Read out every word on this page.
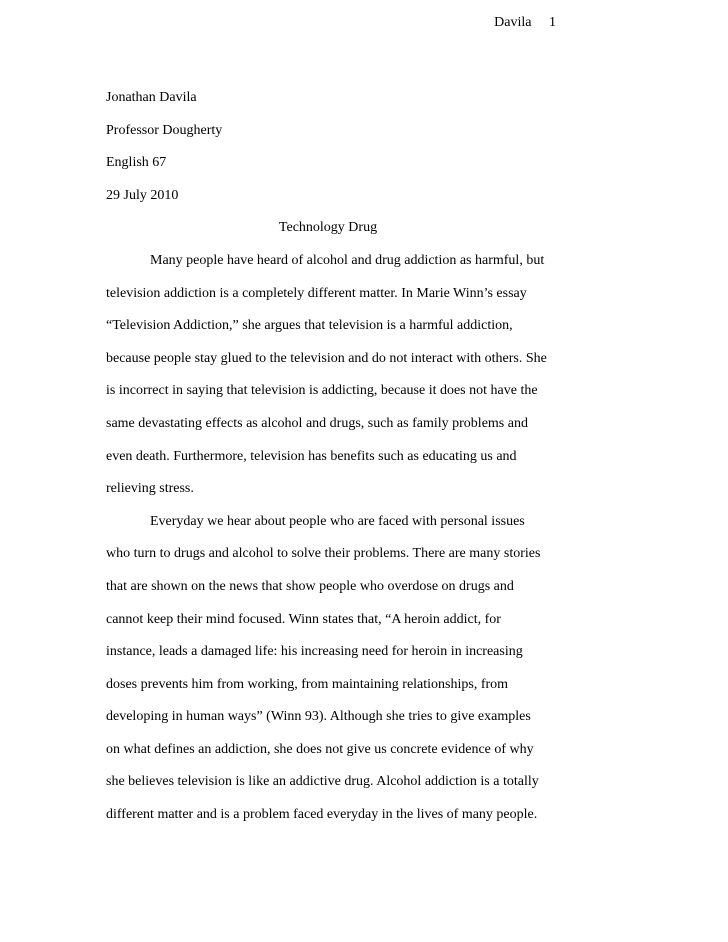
Davila 1
Jonathan Davila
Professor Dougherty
English 67
29 July 2010
Technology Drug
Many people have heard of alcohol and drug addiction as harmful, but
television addiction is a completely different matter. In Marie Winn’s essay
“Television Addiction,” she argues that television is a harmful addiction,
because people stay glued to the television and do not interact with others. She
is incorrect in saying that television is addicting, because it does not have the
same devastating effects as alcohol and drugs, such as family problems and
even death. Furthermore, television has benefits such as educating us and
relieving stress.
Everyday we hear about people who are faced with personal issues
who turn to drugs and alcohol to solve their problems. There are many stories
that are shown on the news that show people who overdose on drugs and
cannot keep their mind focused. Winn states that, “A heroin addict, for
instance, leads a damaged life: his increasing need for heroin in increasing
doses prevents him from working, from maintaining relationships, from
developing in human ways” (Winn 93). Although she tries to give examples
on what defines an addiction, she does not give us concrete evidence of why
she believes television is like an addictive drug. Alcohol addiction is a totally
different matter and is a problem faced everyday in the lives of many people.
